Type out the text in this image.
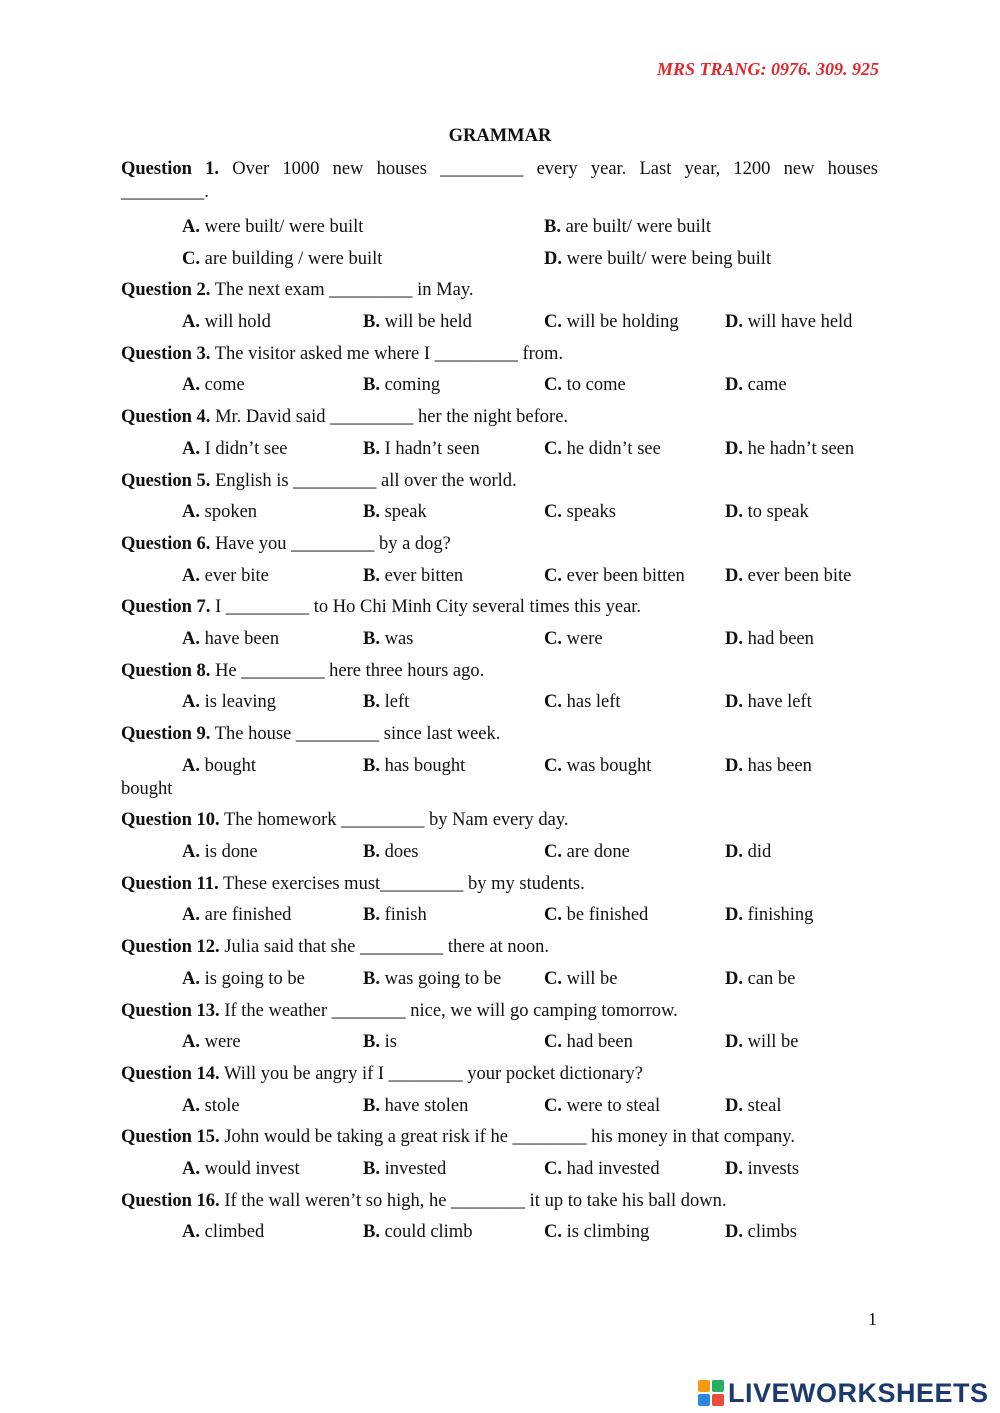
MRS TRANG: 0976. 309. 925
GRAMMAR
Question 1. Over 1000 new houses _________ every year. Last year, 1200 new houses
_________.
A. were built/ were built	B. are built/ were built
C. are building / were built	D. were built/ were being built
Question 2. The next exam _________ in May.
A. will hold	B. will be held	C. will be holding	D. will have held
Question 3. The visitor asked me where I _________ from.
A. come	B. coming	C. to come	D. came
Question 4. Mr. David said _________ her the night before.
A. I didn’t see	B. I hadn’t seen	C. he didn’t see	D. he hadn’t seen
Question 5. English is _________ all over the world.
A. spoken	B. speak	C. speaks	D. to speak
Question 6. Have you _________ by a dog?
A. ever bite	B. ever bitten	C. ever been bitten D. ever been bite
Question 7. I _________ to Ho Chi Minh City several times this year.
A. have been	B. was	C. were	D. had been
Question 8. He _________ here three hours ago.
A. is leaving	B. left	C. has left	D. have left
Question 9. The house _________ since last week.
A. bought	B. has bought	C. was bought	D. has been
bought
Question 10. The homework _________ by Nam every day.
A. is done	B. does	C. are done	D. did
Question 11. These exercises must_________ by my students.
A. are finished	B. finish	C. be finished	D. finishing
Question 12. Julia said that she _________ there at noon.
A. is going to be	B. was going to be C. will be	D. can be
Question 13. If the weather ________ nice, we will go camping tomorrow.
A. were	B. is	C. had been	D. will be
Question 14. Will you be angry if I ________ your pocket dictionary?
A. stole	B. have stolen	C. were to steal	D. steal
Question 15. John would be taking a great risk if he ________ his money in that company.
A. would invest	B. invested	C. had invested	D. invests
Question 16. If the wall weren’t so high, he ________ it up to take his ball down.
A. climbed	B. could climb	C. is climbing	D. climbs
1
LIVEWORKSHEETS
